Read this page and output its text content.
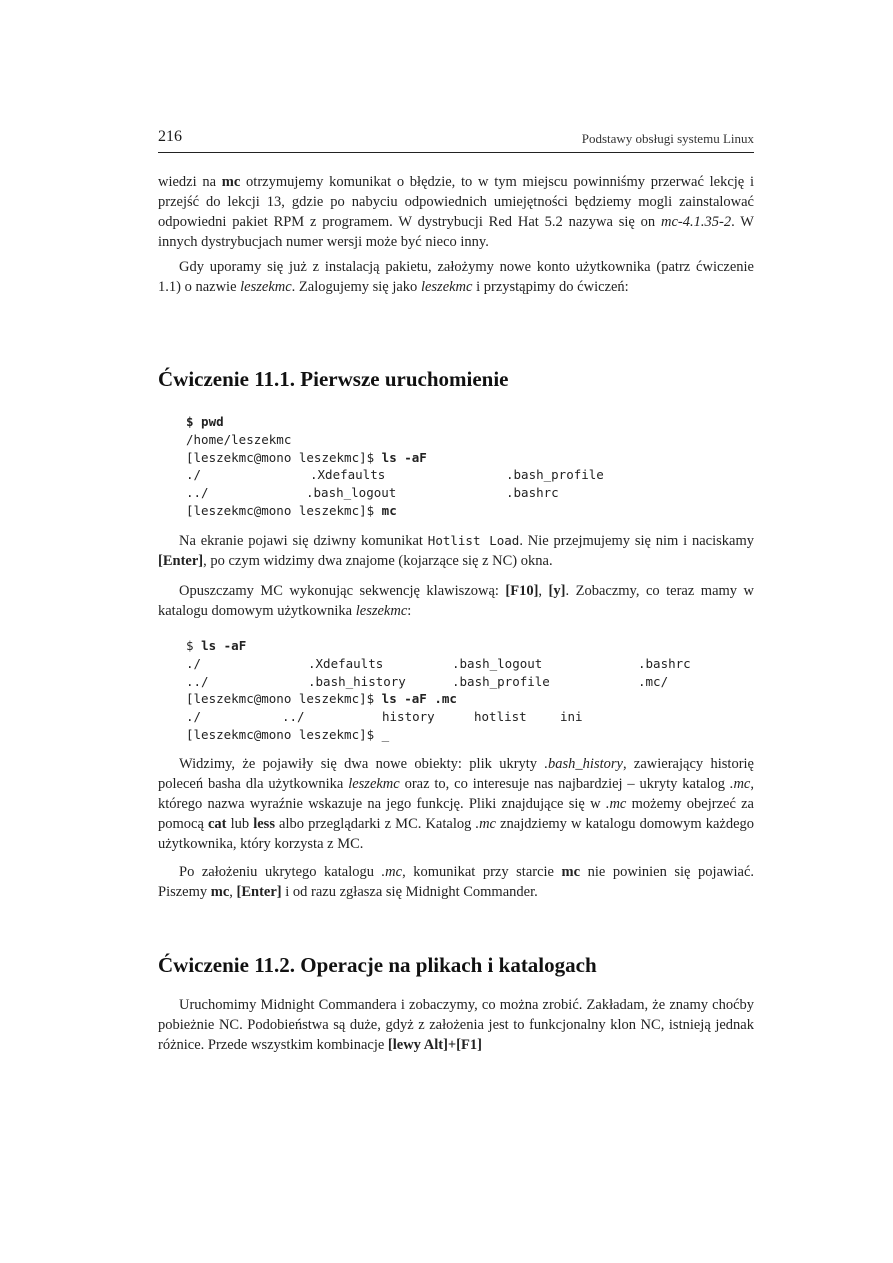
216	Podstawy obsługi systemu Linux

wiedzi na mc otrzymujemy komunikat o błędzie, to w tym miejscu powinniśmy przerwać lekcję i przejść do lekcji 13, gdzie po nabyciu odpowiednich umiejętności będziemy mogli zainstalować odpowiedni pakiet RPM z programem. W dystrybucji Red Hat 5.2 nazywa się on mc-4.1.35-2. W innych dystrybucjach numer wersji może być nieco inny.

Gdy uporamy się już z instalacją pakietu, założymy nowe konto użytkownika (patrz ćwiczenie 1.1) o nazwie leszekmc. Zalogujemy się jako leszekmc i przystąpimy do ćwiczeń:

Ćwiczenie 11.1. Pierwsze uruchomienie
$ pwd
/home/leszekmc
[leszekmc@mono leszekmc]$ ls -aF
./	.Xdefaults	.bash_profile
../	.bash_logout	.bashrc
[leszekmc@mono leszekmc]$ mc

Na ekranie pojawi się dziwny komunikat Hotlist Load. Nie przejmujemy się nim i naciskamy [Enter], po czym widzimy dwa znajome (kojarzące się z NC) okna.

Opuszczamy MC wykonując sekwencję klawiszową: [F10], [y]. Zobaczmy, co teraz mamy w katalogu domowym użytkownika leszekmc:

$ ls -aF
./	.Xdefaults	.bash_logout	.bashrc
../	.bash_history	.bash_profile	.mc/
[leszekmc@mono leszekmc]$ ls -aF .mc
./	../	history	hotlist	ini
[leszekmc@mono leszekmc]$ _

Widzimy, że pojawiły się dwa nowe obiekty: plik ukryty .bash_history, zawierający historię poleceń basha dla użytkownika leszekmc oraz to, co interesuje nas najbardziej – ukryty katalog .mc, którego nazwa wyraźnie wskazuje na jego funkcję. Pliki znajdujące się w .mc możemy obejrzeć za pomocą cat lub less albo przeglądarki z MC. Katalog .mc znajdziemy w katalogu domowym każdego użytkownika, który korzysta z MC.

Po założeniu ukrytego katalogu .mc, komunikat przy starcie mc nie powinien się pojawiać. Piszemy mc, [Enter] i od razu zgłasza się Midnight Commander.

Ćwiczenie 11.2. Operacje na plikach i katalogach

Uruchomimy Midnight Commandera i zobaczymy, co można zrobić. Zakładam, że znamy choćby pobieżnie NC. Podobieństwa są duże, gdyż z założenia jest to funkcjonalny klon NC, istnieją jednak różnice. Przede wszystkim kombinacje [lewy Alt]+[F1]
